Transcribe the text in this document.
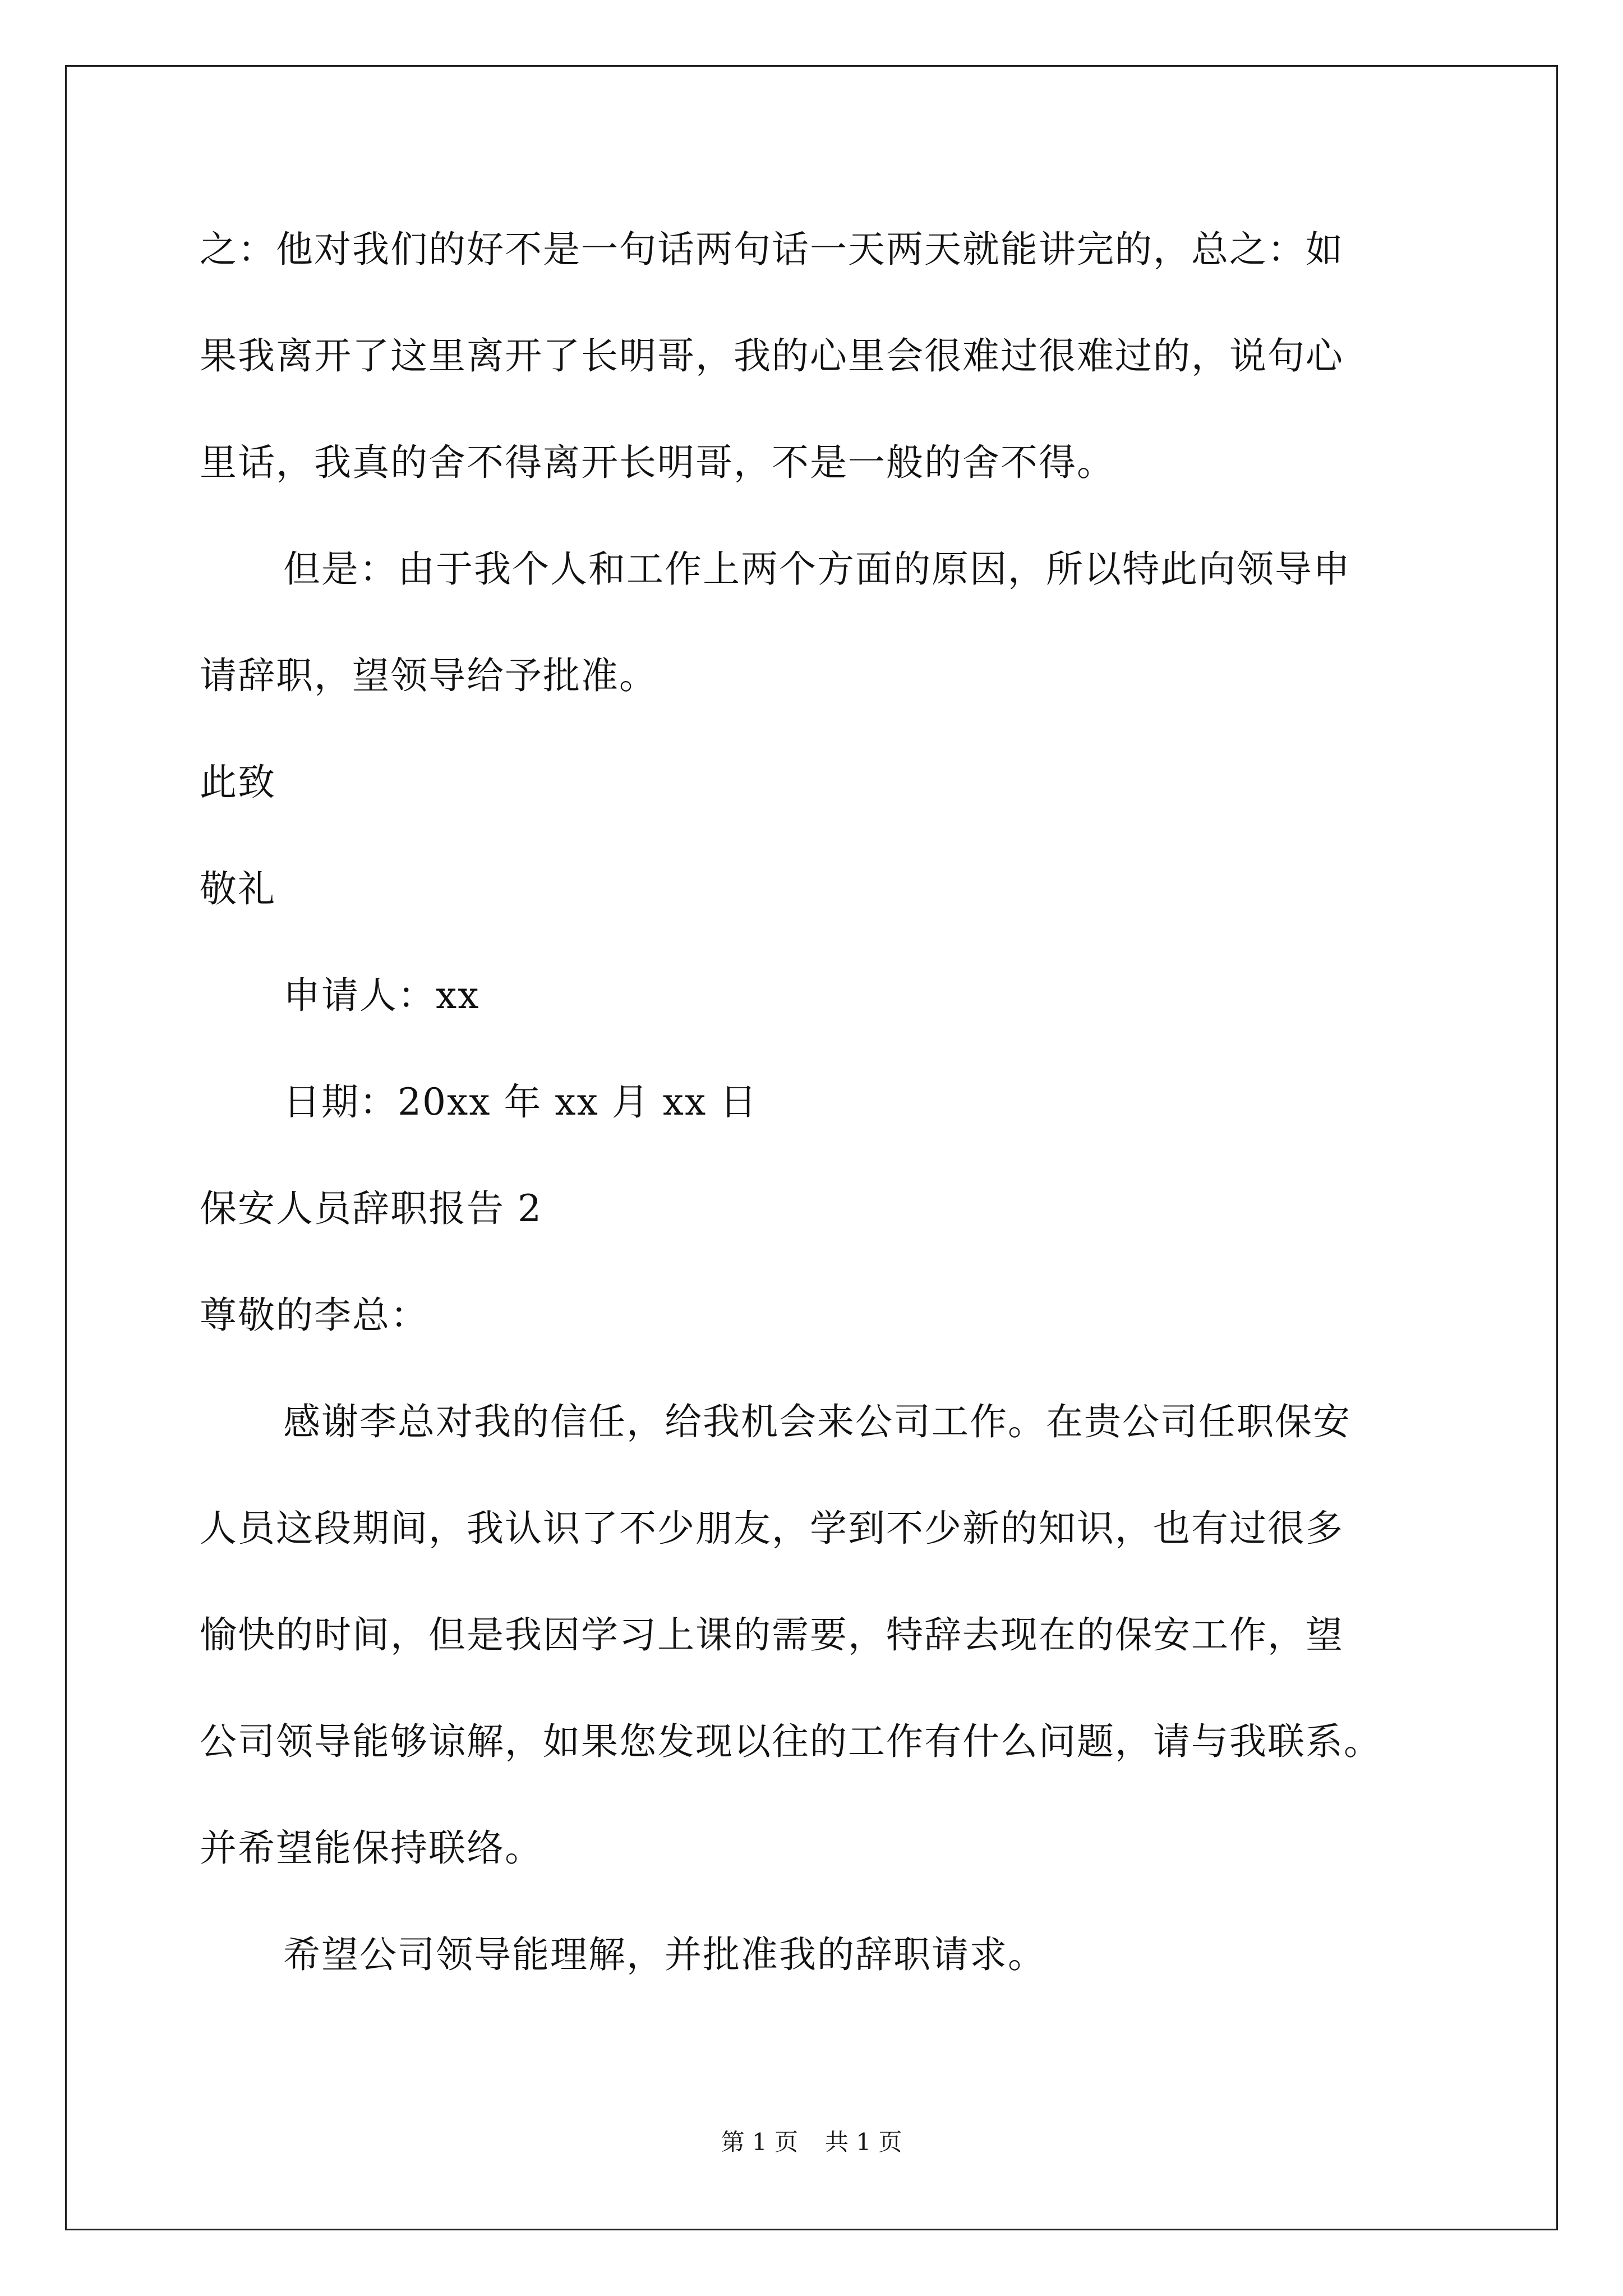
之：他对我们的好不是一句话两句话一天两天就能讲完的，总之：如
果我离开了这里离开了长明哥，我的心里会很难过很难过的，说句心
里话，我真的舍不得离开长明哥，不是一般的舍不得。
但是：由于我个人和工作上两个方面的原因，所以特此向领导申
请辞职，望领导给予批准。
此致
敬礼
申请人：xx
日期：20xx 年 xx 月 xx 日
保安人员辞职报告 2
尊敬的李总：
感谢李总对我的信任，给我机会来公司工作。在贵公司任职保安
人员这段期间，我认识了不少朋友，学到不少新的知识，也有过很多
愉快的时间，但是我因学习上课的需要，特辞去现在的保安工作，望
公司领导能够谅解，如果您发现以往的工作有什么问题，请与我联系。
并希望能保持联络。
希望公司领导能理解，并批准我的辞职请求。
第 1 页 共 1 页
